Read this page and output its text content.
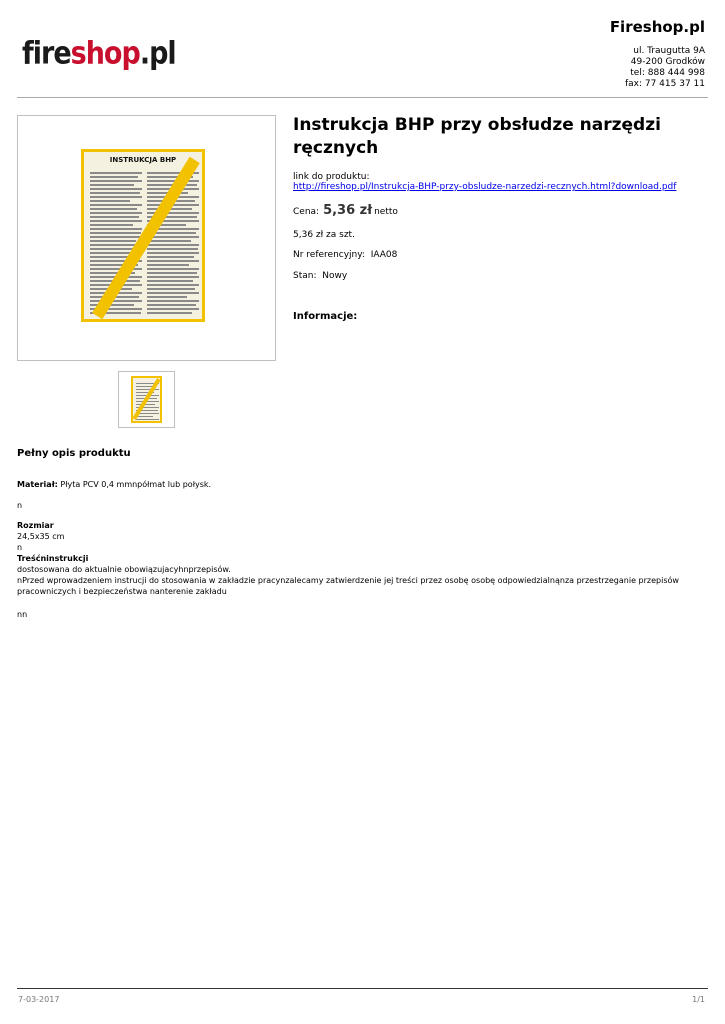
fireshop.pl
Fireshop.pl
ul. Traugutta 9A
49-200 Grodków
tel: 888 444 998
fax: 77 415 37 11
INSTRUKCJA BHP
Instrukcja BHP przy obsłudze narzędzi ręcznych
link do produktu:
http://fireshop.pl/Instrukcja-BHP-przy-obsludze-narzedzi-recznych.html?download.pdf
Cena: 5,36 zł netto
5,36 zł za szt.
Nr referencyjny: IAA08
Stan: Nowy
Informacje:
Pełny opis produktu
Materiał: Płyta PCV 0,4 mmnpółmat lub połysk.
n
Rozmiar
24,5x35 cm
n
Treśćninstrukcji
dostosowana do aktualnie obowiązujacyhnprzepisów.
nPrzed wprowadzeniem instrucji do stosowania w zakładzie pracynzalecamy zatwierdzenie jej treści przez osobę osobę odpowiedzialnąnza przestrzeganie przepisów pracowniczych i bezpieczeństwa nanterenie zakładu
nn
7-03-2017	1/1
